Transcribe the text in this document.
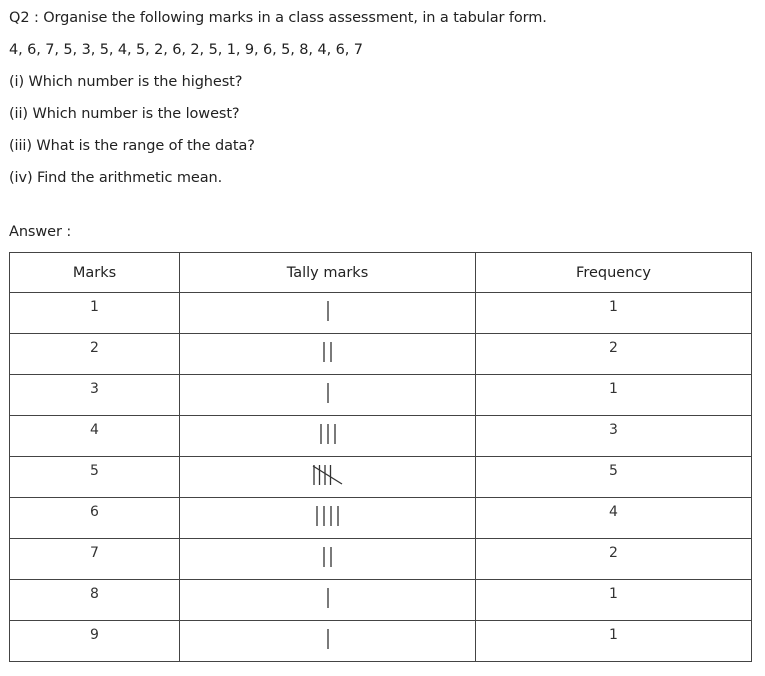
Q2 : Organise the following marks in a class assessment, in a tabular form.
4, 6, 7, 5, 3, 5, 4, 5, 2, 6, 2, 5, 1, 9, 6, 5, 8, 4, 6, 7
(i) Which number is the highest?
(ii) Which number is the lowest?
(iii) What is the range of the data?
(iv) Find the arithmetic mean.
Answer :
Marks	Tally marks	Frequency
1		1
2		2
3		1
4		3
5		5
6		4
7		2
8		1
9		1
